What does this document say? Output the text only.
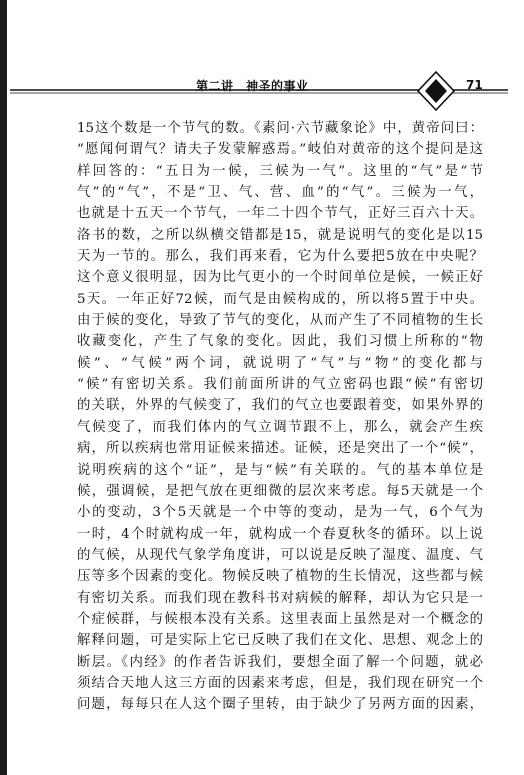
第二讲　神圣的事业	71
15这个数是一个节气的数。《素问·六节藏象论》中，黄帝问曰：
“愿闻何谓气？请夫子发蒙解惑焉。”岐伯对黄帝的这个提问是这
样回答的：“五日为一候，三候为一气”。这里的“气”是“节
气”的“气”，不是“卫、气、营、血”的“气”。三候为一气，
也就是十五天一个节气，一年二十四个节气，正好三百六十天。
洛书的数，之所以纵横交错都是15，就是说明气的变化是以15
天为一节的。那么，我们再来看，它为什么要把5放在中央呢？
这个意义很明显，因为比气更小的一个时间单位是候，一候正好
5天。一年正好72候，而气是由候构成的，所以将5置于中央。
由于候的变化，导致了节气的变化，从而产生了不同植物的生长
收藏变化，产生了气象的变化。因此，我们习惯上所称的“物
候”、“气候”两个词，就说明了“气”与“物”的变化都与
“候”有密切关系。我们前面所讲的气立密码也跟“候”有密切
的关联，外界的气候变了，我们的气立也要跟着变，如果外界的
气候变了，而我们体内的气立调节跟不上，那么，就会产生疾
病，所以疾病也常用证候来描述。证候，还是突出了一个“候”，
说明疾病的这个“证”，是与“候”有关联的。气的基本单位是
候，强调候，是把气放在更细微的层次来考虑。每5天就是一个
小的变动，3个5天就是一个中等的变动，是为一气，6个气为
一时，4个时就构成一年，就构成一个春夏秋冬的循环。以上说
的气候，从现代气象学角度讲，可以说是反映了湿度、温度、气
压等多个因素的变化。物候反映了植物的生长情况，这些都与候
有密切关系。而我们现在教科书对病候的解释，却认为它只是一
个症候群，与候根本没有关系。这里表面上虽然是对一个概念的
解释问题，可是实际上它已反映了我们在文化、思想、观念上的
断层。《内经》的作者告诉我们，要想全面了解一个问题，就必
须结合天地人这三方面的因素来考虑，但是，我们现在研究一个
问题，每每只在人这个圈子里转，由于缺少了另两方面的因素，
